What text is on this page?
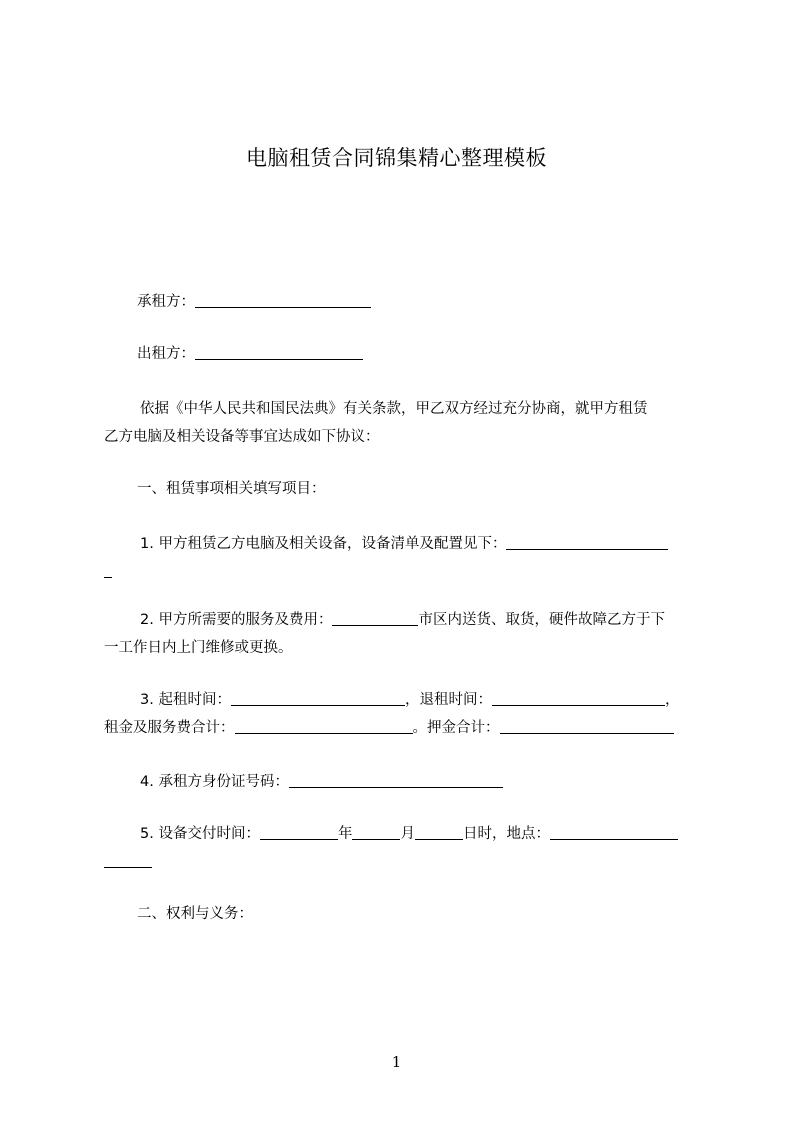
电脑租赁合同锦集精心整理模板
承租方：
出租方：
依据《中华人民共和国民法典》有关条款，甲乙双方经过充分协商，就甲方租赁
乙方电脑及相关设备等事宜达成如下协议：
一、租赁事项相关填写项目：
1. 甲方租赁乙方电脑及相关设备，设备清单及配置见下：
2. 甲方所需要的服务及费用：	市区内送货、取货，硬件故障乙方于下
一工作日内上门维修或更换。
3. 起租时间：	，退租时间：	，
租金及服务费合计：	。押金合计：
4. 承租方身份证号码：
5. 设备交付时间：	年	月	日时，地点：
二、权利与义务：
1
